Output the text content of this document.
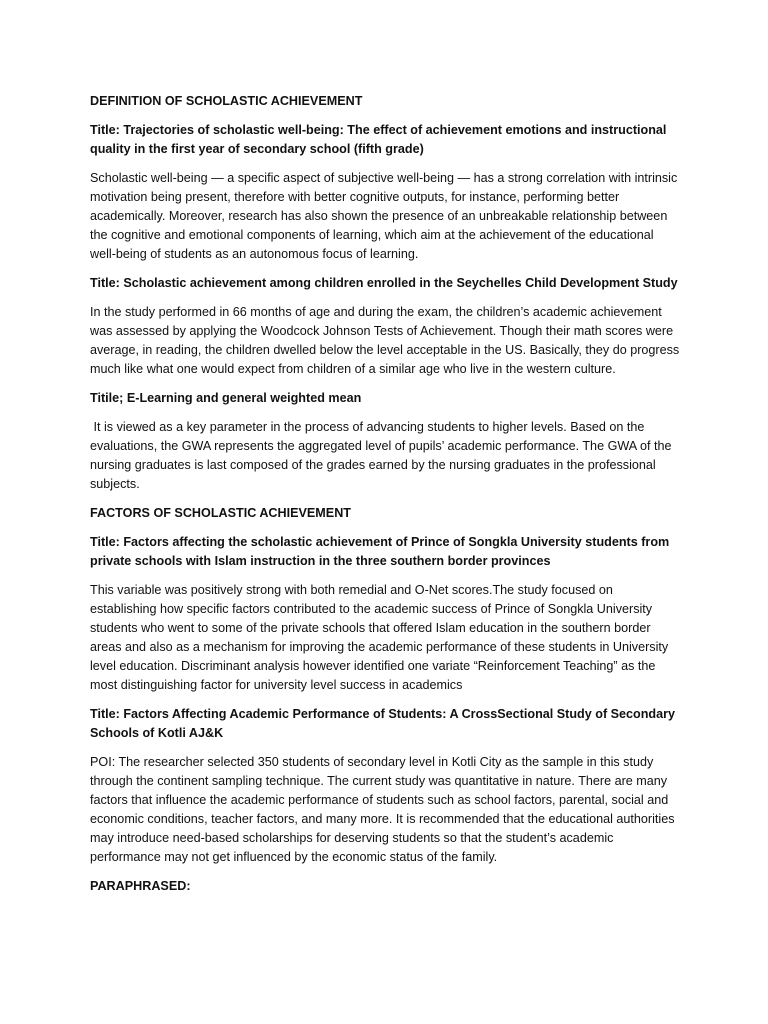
DEFINITION OF SCHOLASTIC ACHIEVEMENT

Title: Trajectories of scholastic well-being: The effect of achievement emotions and instructional quality in the first year of secondary school (fifth grade)

Scholastic well-being — a specific aspect of subjective well-being — has a strong correlation with intrinsic motivation being present, therefore with better cognitive outputs, for instance, performing better academically. Moreover, research has also shown the presence of an unbreakable relationship between the cognitive and emotional components of learning, which aim at the achievement of the educational well-being of students as an autonomous focus of learning.

Title: Scholastic achievement among children enrolled in the Seychelles Child Development Study

In the study performed in 66 months of age and during the exam, the children’s academic achievement was assessed by applying the Woodcock Johnson Tests of Achievement. Though their math scores were average, in reading, the children dwelled below the level acceptable in the US. Basically, they do progress much like what one would expect from children of a similar age who live in the western culture.

Titile; E-Learning and general weighted mean

It is viewed as a key parameter in the process of advancing students to higher levels. Based on the evaluations, the GWA represents the aggregated level of pupils’ academic performance. The GWA of the nursing graduates is last composed of the grades earned by the nursing graduates in the professional subjects.

FACTORS OF SCHOLASTIC ACHIEVEMENT

Title: Factors affecting the scholastic achievement of Prince of Songkla University students from private schools with Islam instruction in the three southern border provinces

This variable was positively strong with both remedial and O-Net scores.The study focused on establishing how specific factors contributed to the academic success of Prince of Songkla University students who went to some of the private schools that offered Islam education in the southern border areas and also as a mechanism for improving the academic performance of these students in University level education. Discriminant analysis however identified one variate “Reinforcement Teaching” as the most distinguishing factor for university level success in academics

Title: Factors Affecting Academic Performance of Students: A CrossSectional Study of Secondary Schools of Kotli AJ&K

POI: The researcher selected 350 students of secondary level in Kotli City as the sample in this study through the continent sampling technique. The current study was quantitative in nature. There are many factors that influence the academic performance of students such as school factors, parental, social and economic conditions, teacher factors, and many more. It is recommended that the educational authorities may introduce need-based scholarships for deserving students so that the student’s academic performance may not get influenced by the economic status of the family.

PARAPHRASED:
